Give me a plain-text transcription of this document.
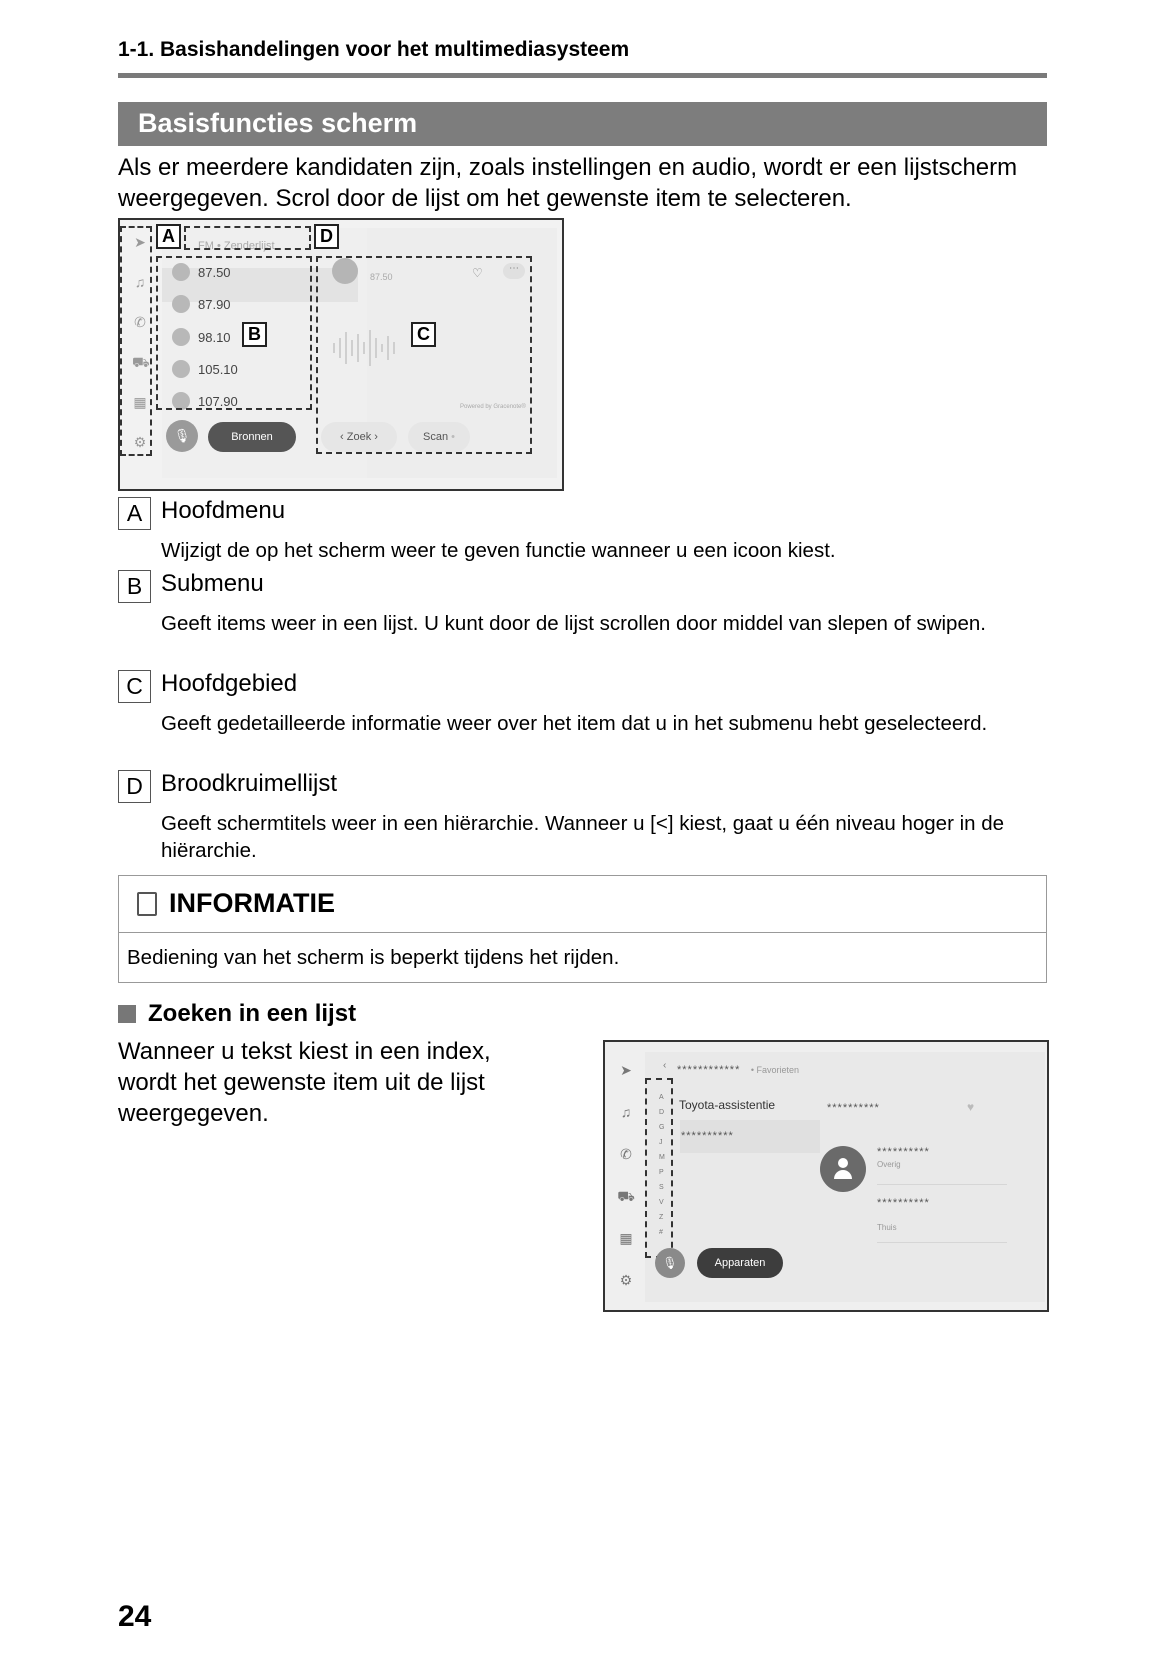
1-1. Basishandelingen voor het multimediasysteem
Basisfuncties scherm
Als er meerdere kandidaten zijn, zoals instellingen en audio, wordt er een lijstscherm weergegeven. Scrol door de lijst om het gewenste item te selecteren.
➤
♫
✆
⛟
▦
⚙
FM • Zenderlijst
87.50
87.90
98.10
105.10
107.90
87.50	♡	⋯
Powered by Gracenote®
🎙	Bronnen	‹ Zoek ›	Scan •
A
B	C
D
A Hoofdmenu
Wijzigt de op het scherm weer te geven functie wanneer u een icoon kiest.
B Submenu
Geeft items weer in een lijst. U kunt door de lijst scrollen door middel van slepen of swipen.
C Hoofdgebied
Geeft gedetailleerde informatie weer over het item dat u in het submenu hebt geselecteerd.
D Broodkruimellijst
Geeft schermtitels weer in een hiërarchie. Wanneer u [<] kiest, gaat u één niveau hoger in de hiërarchie.
INFORMATIE
Bediening van het scherm is beperkt tijdens het rijden.
Zoeken in een lijst
Wanneer u tekst kiest in een index, wordt het gewenste item uit de lijst weergegeven.
➤
♫
✆
⛟
▦
⚙
‹ ************ • Favorieten
A
D
G
J
M
P
S
V
Z
#
Toyota-assistentie
**********
**********	♥
**********
Overig
**********
Thuis
🎙	Apparaten
24
